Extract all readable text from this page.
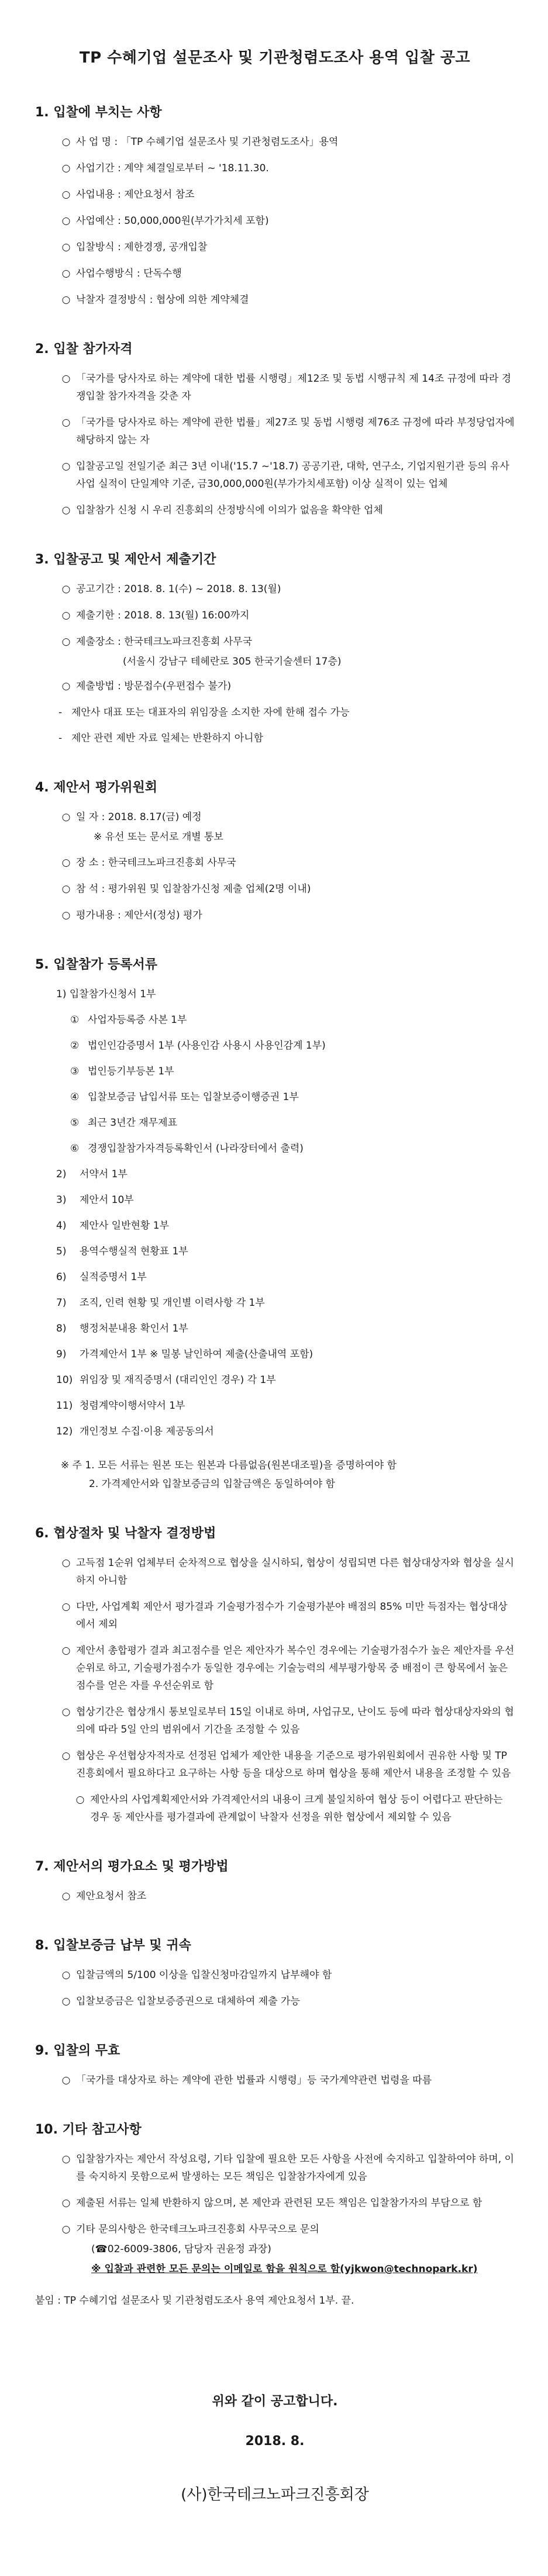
TP 수혜기업 설문조사 및 기관청렴도조사 용역 입찰 공고
1. 입찰에 부치는 사항
○ 사 업 명 : 「TP 수혜기업 설문조사 및 기관청렴도조사」용역
○ 사업기간 : 계약 체결일로부터 ~ '18.11.30.
○ 사업내용 : 제안요청서 참조
○ 사업예산 : 50,000,000원(부가가치세 포함)
○ 입찰방식 : 제한경쟁, 공개입찰
○ 사업수행방식 : 단독수행
○ 낙찰자 결정방식 : 협상에 의한 계약체결
2. 입찰 참가자격
○ 「국가를 당사자로 하는 계약에 대한 법률 시행령」제12조 및 동법 시행규칙 제 14조 규정에 따라 경쟁입찰 참가자격을 갖춘 자
○ 「국가를 당사자로 하는 계약에 관한 법률」제27조 및 동법 시행령 제76조 규정에 따라 부정당업자에 해당하지 않는 자
○ 입찰공고일 전일기준 최근 3년 이내('15.7 ~'18.7) 공공기관, 대학, 연구소, 기업지원기관 등의 유사사업 실적이 단일계약 기준, 금30,000,000원(부가가치세포함) 이상 실적이 있는 업체
○ 입찰참가 신청 시 우리 진흥회의 산정방식에 이의가 없음을 확약한 업체
3. 입찰공고 및 제안서 제출기간
○ 공고기간 : 2018. 8. 1(수) ~ 2018. 8. 13(월)
○ 제출기한 : 2018. 8. 13(월) 16:00까지
○ 제출장소 : 한국테크노파크진흥회 사무국
(서울시 강남구 테헤란로 305 한국기술센터 17층)
○ 제출방법 : 방문접수(우편접수 불가)
- 제안사 대표 또는 대표자의 위임장을 소지한 자에 한해 접수 가능
- 제안 관련 제반 자료 일체는 반환하지 아니함
4. 제안서 평가위원회
○ 일 자 : 2018. 8.17(금) 예정
※ 유선 또는 문서로 개별 통보
○ 장 소 : 한국테크노파크진흥회 사무국
○ 참 석 : 평가위원 및 입찰참가신청 제출 업체(2명 이내)
○ 평가내용 : 제안서(정성) 평가
5. 입찰참가 등록서류
1) 입찰참가신청서 1부
① 사업자등록증 사본 1부
② 법인인감증명서 1부 (사용인감 사용시 사용인감계 1부)
③ 법인등기부등본 1부
④ 입찰보증금 납입서류 또는 입찰보증이행증권 1부
⑤ 최근 3년간 재무제표
⑥ 경쟁입찰참가자격등록확인서 (나라장터에서 출력)
2)	서약서 1부
3)	제안서 10부
4)	제안사 일반현황 1부
5)	용역수행실적 현황표 1부
6)	실적증명서 1부
7)	조직, 인력 현황 및 개인별 이력사항 각 1부
8)	행정처분내용 확인서 1부
9)	가격제안서 1부 ※ 밀봉 날인하여 제출(산출내역 포함)
10) 위임장 및 재직증명서 (대리인인 경우) 각 1부
11) 청렴계약이행서약서 1부
12) 개인정보 수집·이용 제공동의서
※ 주 1. 모든 서류는 원본 또는 원본과 다름없음(원본대조필)을 증명하여야 함
2. 가격제안서와 입찰보증금의 입찰금액은 동일하여야 함
6. 협상절차 및 낙찰자 결정방법
○ 고득점 1순위 업체부터 순차적으로 협상을 실시하되, 협상이 성립되면 다른 협상대상자와 협상을 실시하지 아니함
○ 다만, 사업계획 제안서 평가결과 기술평가점수가 기술평가분야 배점의 85% 미만 득점자는 협상대상에서 제외
○ 제안서 총합평가 결과 최고점수를 얻은 제안자가 복수인 경우에는 기술평가점수가 높은 제안자를 우선순위로 하고, 기술평가점수가 동일한 경우에는 기술능력의 세부평가항목 중 배점이 큰 항목에서 높은 점수를 얻은 자를 우선순위로 함
○ 협상기간은 협상개시 통보일로부터 15일 이내로 하며, 사업규모, 난이도 등에 따라 협상대상자와의 협의에 따라 5일 안의 범위에서 기간을 조정할 수 있음
○ 협상은 우선협상자적자로 선정된 업체가 제안한 내용을 기준으로 평가위원회에서 권유한 사항 및 TP진흥회에서 필요하다고 요구하는 사항 등을 대상으로 하며 협상을 통해 제안서 내용을 조정할 수 있음
○ 제안사의 사업계획제안서와 가격제안서의 내용이 크게 불일치하여 협상 등이 어렵다고 판단하는 경우 동 제안사를 평가결과에 관계없이 낙찰자 선정을 위한 협상에서 제외할 수 있음
7. 제안서의 평가요소 및 평가방법
○ 제안요청서 참조
8. 입찰보증금 납부 및 귀속
○ 입찰금액의 5/100 이상을 입찰신청마감일까지 납부해야 함
○ 입찰보증금은 입찰보증증권으로 대체하여 제출 가능
9. 입찰의 무효
○ 「국가를 대상자로 하는 계약에 관한 법률과 시행령」등 국가계약관련 법령을 따름
10. 기타 참고사항
○ 입찰참가자는 제안서 작성요령, 기타 입찰에 필요한 모든 사항을 사전에 숙지하고 입찰하여야 하며, 이를 숙지하지 못함으로써 발생하는 모든 책임은 입찰참가자에게 있음
○ 제출된 서류는 일체 반환하지 않으며, 본 제안과 관련된 모든 책임은 입찰참가자의 부담으로 함
○ 기타 문의사항은 한국테크노파크진흥회 사무국으로 문의
(☎02-6009-3806, 담당자 권윤정 과장)
※ 입찰과 관련한 모든 문의는 이메일로 함을 원칙으로 함(yjkwon@technopark.kr)
붙임 : TP 수혜기업 설문조사 및 기관청렴도조사 용역 제안요청서 1부. 끝.
위와 같이 공고합니다.
2018. 8.
(사)한국테크노파크진흥회장
